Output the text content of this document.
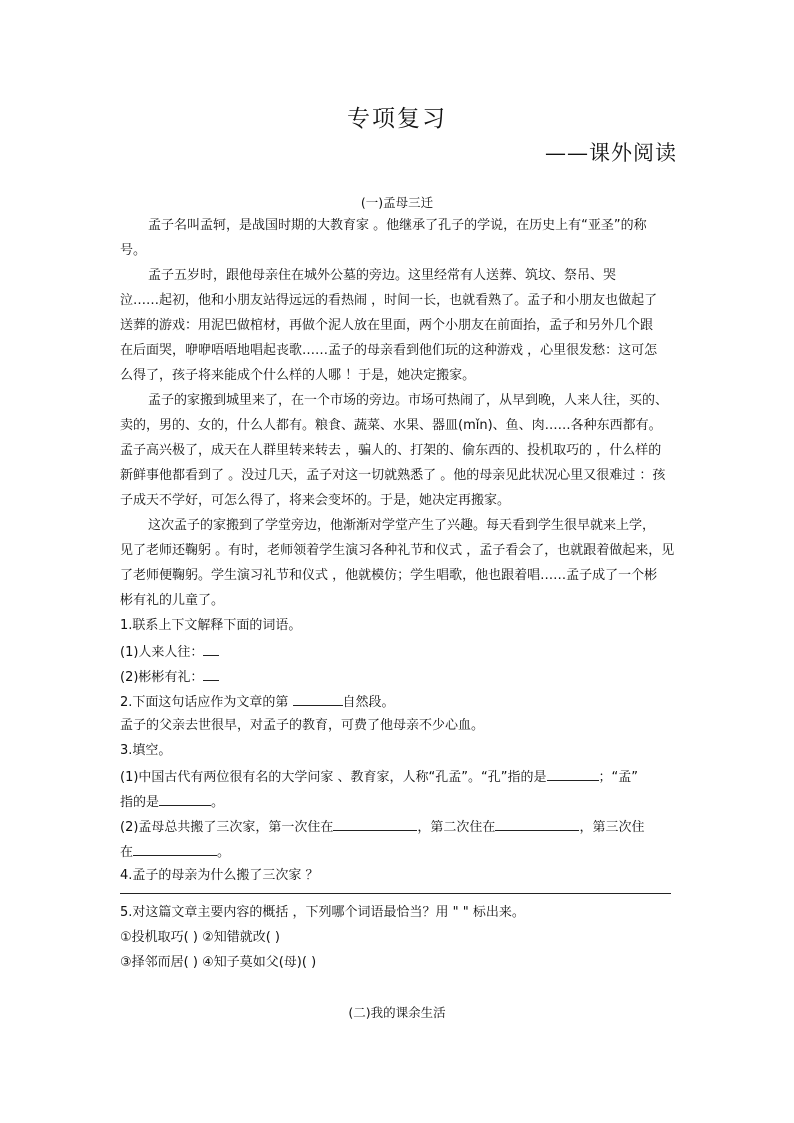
专项复习
——课外阅读
(一)孟母三迁
孟子名叫孟轲，是战国时期的大教育家 。他继承了孔子的学说，在历史上有“亚圣”的称
号。
孟子五岁时，跟他母亲住在城外公墓的旁边。这里经常有人送葬、筑坟、祭吊、哭
泣……起初，他和小朋友站得远远的看热闹 ，时间一长，也就看熟了。孟子和小朋友也做起了
送葬的游戏：用泥巴做棺材，再做个泥人放在里面，两个小朋友在前面抬，孟子和另外几个跟
在后面哭，咿咿唔唔地唱起丧歌……孟子的母亲看到他们玩的这种游戏 ，心里很发愁：这可怎
么得了，孩子将来能成个什么样的人哪 ！于是，她决定搬家。
孟子的家搬到城里来了，在一个市场的旁边。市场可热闹了，从早到晚，人来人往，买的、
卖的，男的、女的，什么人都有。粮食、蔬菜、水果、器皿(mǐn)、鱼、肉……各种东西都有。
孟子高兴极了，成天在人群里转来转去 ，骗人的、打架的、偷东西的、投机取巧的 ，什么样的
新鲜事他都看到了 。没过几天，孟子对这一切就熟悉了 。他的母亲见此状况心里又很难过 ：孩
子成天不学好，可怎么得了，将来会变坏的。于是，她决定再搬家。
这次孟子的家搬到了学堂旁边，他渐渐对学堂产生了兴趣。每天看到学生很早就来上学，
见了老师还鞠躬 。有时，老师领着学生演习各种礼节和仪式 ，孟子看会了，也就跟着做起来，见
了老师便鞠躬。学生演习礼节和仪式 ，他就模仿；学生唱歌，他也跟着唱……孟子成了一个彬
彬有礼的儿童了。
1.联系上下文解释下面的词语。
(1)人来人往：
(2)彬彬有礼：
2.下面这句话应作为文章的第	自然段。
孟子的父亲去世很早，对孟子的教育，可费了他母亲不少心血。
3.填空。
(1)中国古代有两位很有名的大学问家 、教育家，人称“孔孟”。“孔”指的是	；“孟”
指的是	。
(2)孟母总共搬了三次家，第一次住在	，第二次住在	，第三次住
在	。
4.孟子的母亲为什么搬了三次家 ？
5.对这篇文章主要内容的概括 ，下列哪个词语最恰当？用 " " 标出来。
①投机取巧( ) ②知错就改( )
③择邻而居( ) ④知子莫如父(母)( )
(二)我的课余生活
